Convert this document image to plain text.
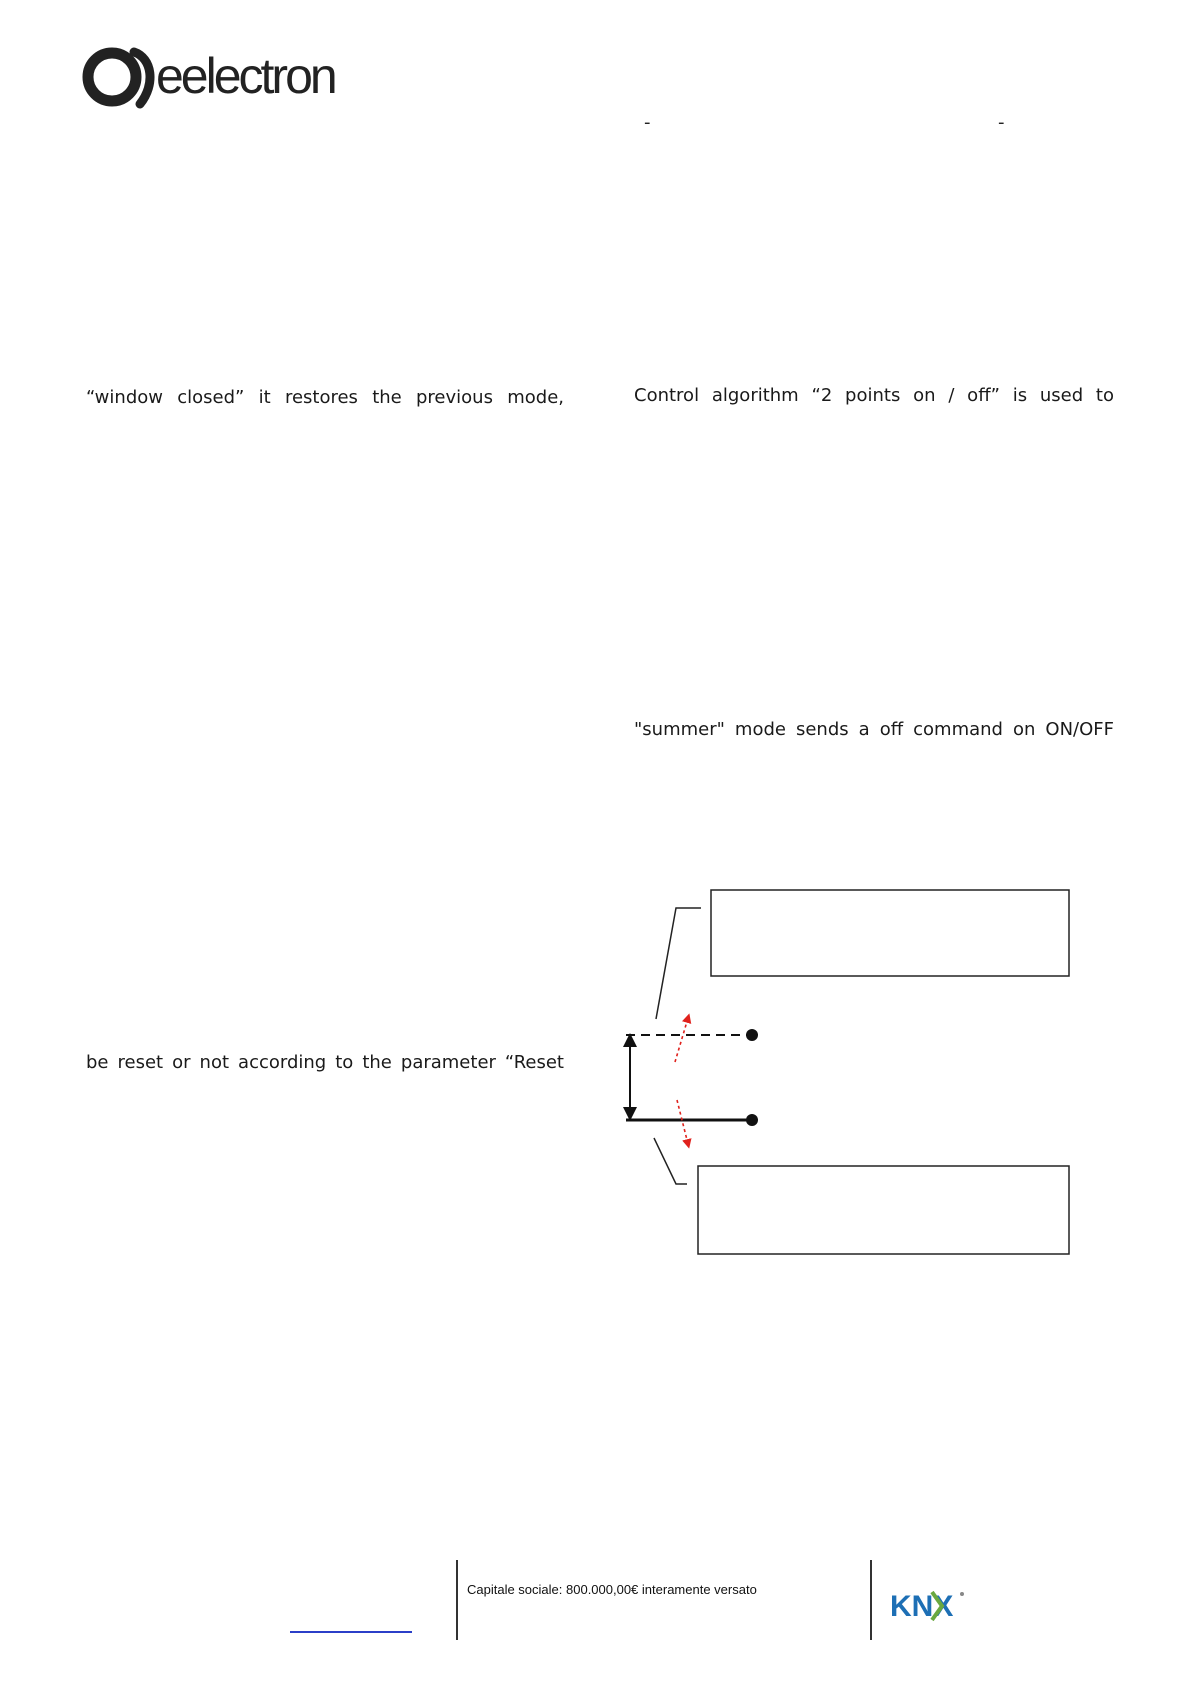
eelectron
-	-
“window closed” it restores the previous mode,
be reset or not according to the parameter “Reset
Control algorithm “2 points on / off” is used to
"summer" mode sends a off command on ON/OFF
Capitale sociale: 800.000,00€ interamente versato
KNX
